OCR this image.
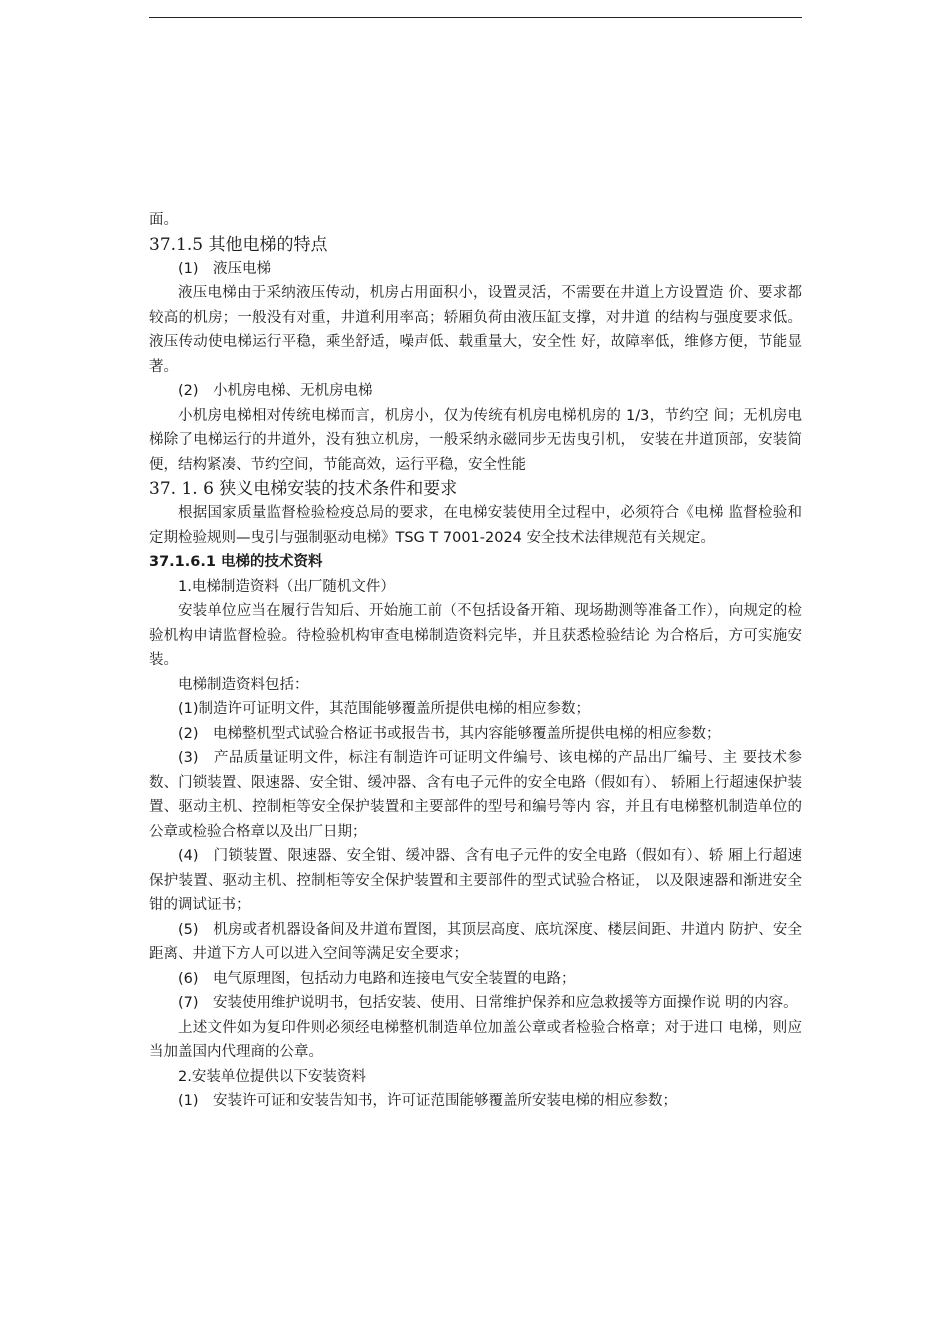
面。

37.1.5 其他电梯的特点

(1)　液压电梯

液压电梯由于采纳液压传动，机房占用面积小，设置灵活，不需要在井道上方设置造 价、要求都较高的机房；一般没有对重，井道利用率高；轿厢负荷由液压缸支撑，对井道 的结构与强度要求低。液压传动使电梯运行平稳，乘坐舒适，噪声低、载重量大，安全性 好，故障率低，维修方便，节能显著。

(2)　小机房电梯、无机房电梯

小机房电梯相对传统电梯而言，机房小，仅为传统有机房电梯机房的 1/3，节约空 间；无机房电梯除了电梯运行的井道外，没有独立机房，一般采纳永磁同步无齿曳引机， 安装在井道顶部，安装简便，结构紧凑、节约空间，节能高效，运行平稳，安全性能

37. 1. 6 狭义电梯安装的技术条件和要求

根据国家质量监督检验检疫总局的要求，在电梯安装使用全过程中，必须符合《电梯 监督检验和定期检验规则—曳引与强制驱动电梯》TSG T 7001-2024 安全技术法律规范有关规定。

37.1.6.1 电梯的技术资料

1.电梯制造资料（出厂随机文件）

安装单位应当在履行告知后、开始施工前（不包括设备开箱、现场勘测等准备工作），向规定的检验机构申请监督检验。待检验机构审查电梯制造资料完毕，并且获悉检验结论 为合格后，方可实施安装。

电梯制造资料包括：

(1)制造许可证明文件，其范围能够覆盖所提供电梯的相应参数；

(2)　电梯整机型式试验合格证书或报告书，其内容能够覆盖所提供电梯的相应参数；

(3)　产品质量证明文件，标注有制造许可证明文件编号、该电梯的产品出厂编号、主 要技术参数、门锁装置、限速器、安全钳、缓冲器、含有电子元件的安全电路（假如有）、 轿厢上行超速保护装置、驱动主机、控制柜等安全保护装置和主要部件的型号和编号等内 容，并且有电梯整机制造单位的公章或检验合格章以及出厂日期；

(4)　门锁装置、限速器、安全钳、缓冲器、含有电子元件的安全电路（假如有）、轿 厢上行超速保护装置、驱动主机、控制柜等安全保护装置和主要部件的型式试验合格证， 以及限速器和渐进安全钳的调试证书；

(5)　机房或者机器设备间及井道布置图，其顶层高度、底坑深度、楼层间距、井道内 防护、安全距离、井道下方人可以进入空间等满足安全要求；

(6)　电气原理图，包括动力电路和连接电气安全装置的电路；

(7)　安装使用维护说明书，包括安装、使用、日常维护保养和应急救援等方面操作说 明的内容。

上述文件如为复印件则必须经电梯整机制造单位加盖公章或者检验合格章；对于进口 电梯，则应当加盖国内代理商的公章。

2.安装单位提供以下安装资料

(1)　安装许可证和安装告知书，许可证范围能够覆盖所安装电梯的相应参数；
